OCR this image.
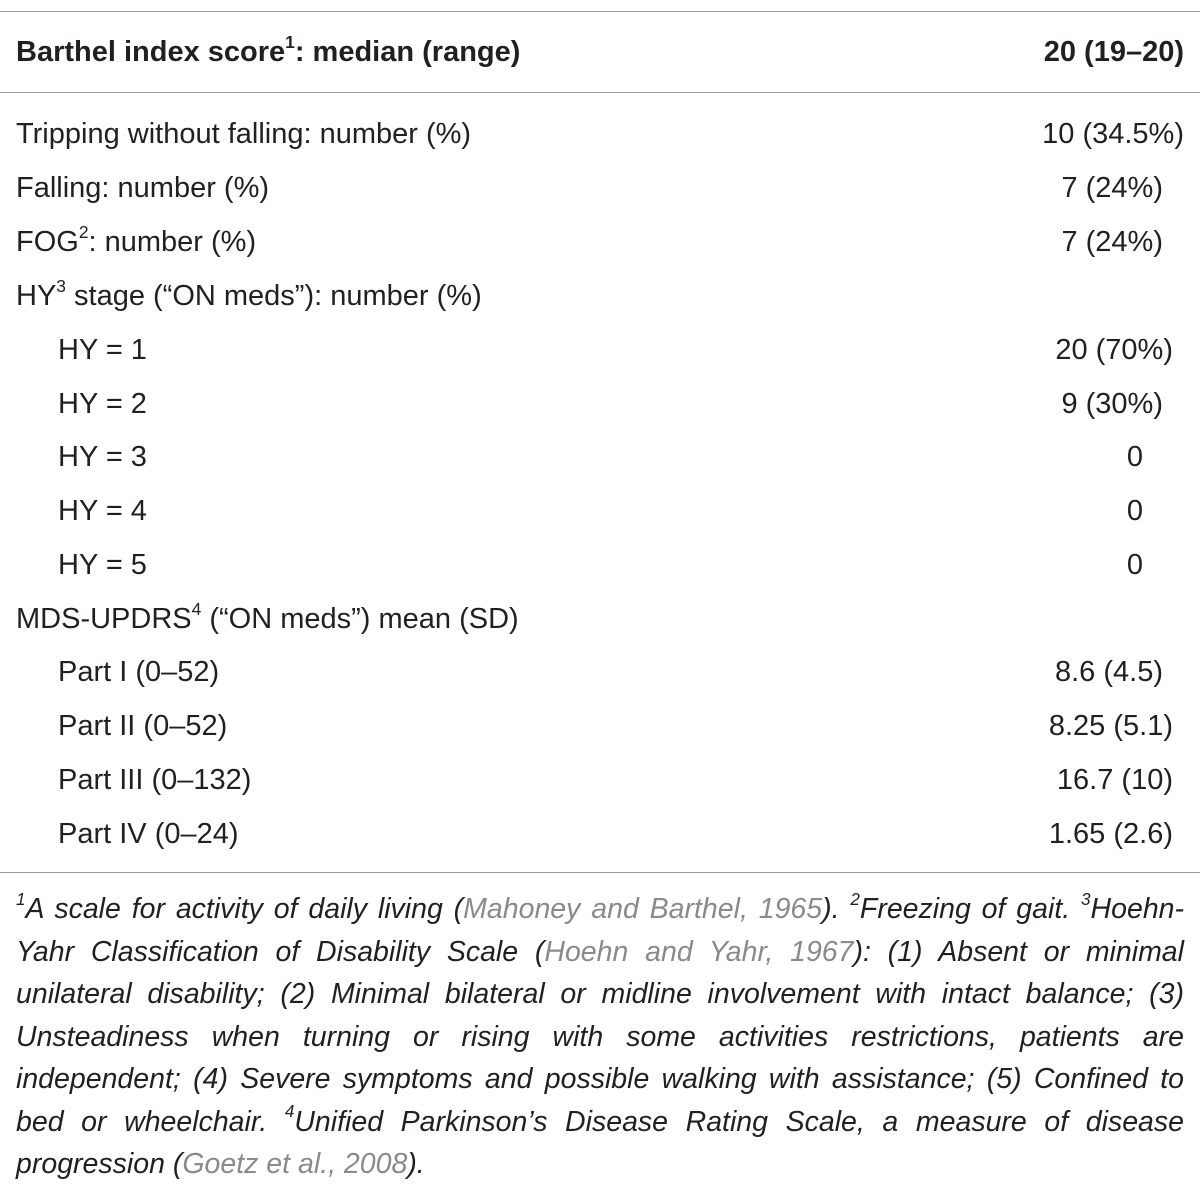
Barthel index score$^1$: median (range)	20 (19–20)
Tripping without falling: number (%)	10 (34.5%)
Falling: number (%)	7 (24%)
FOG$^2$: number (%)	7 (24%)
$HY^3$ stage (“ON meds”): number (%)
HY = 1	20 (70%)
HY = 2	9 (30%)
HY = 3	0
HY = 4	0
HY = 5	0
MDS-UPDRS$^4$ (“ON meds”) mean (SD)
Part I (0–52)	8.6 (4.5)
Part II (0–52)	8.25 (5.1)
Part III (0–132)	16.7 (10)
Part IV (0–24)	1.65 (2.6)
$^1$A scale for activity of daily living (Mahoney and Barthel, 1965). $^2$Freezing of gait. $^3$Hoehn-Yahr Classification of Disability Scale (Hoehn and Yahr, 1967): (1) Absent or minimal unilateral disability; (2) Minimal bilateral or midline involvement with intact balance; (3) Unsteadiness when turning or rising with some activities restrictions, patients are independent; (4) Severe symptoms and possible walking with assistance; (5) Confined to bed or wheelchair. $^4$Unified Parkinson’s Disease Rating Scale, a measure of disease progression (Goetz et al., 2008).
